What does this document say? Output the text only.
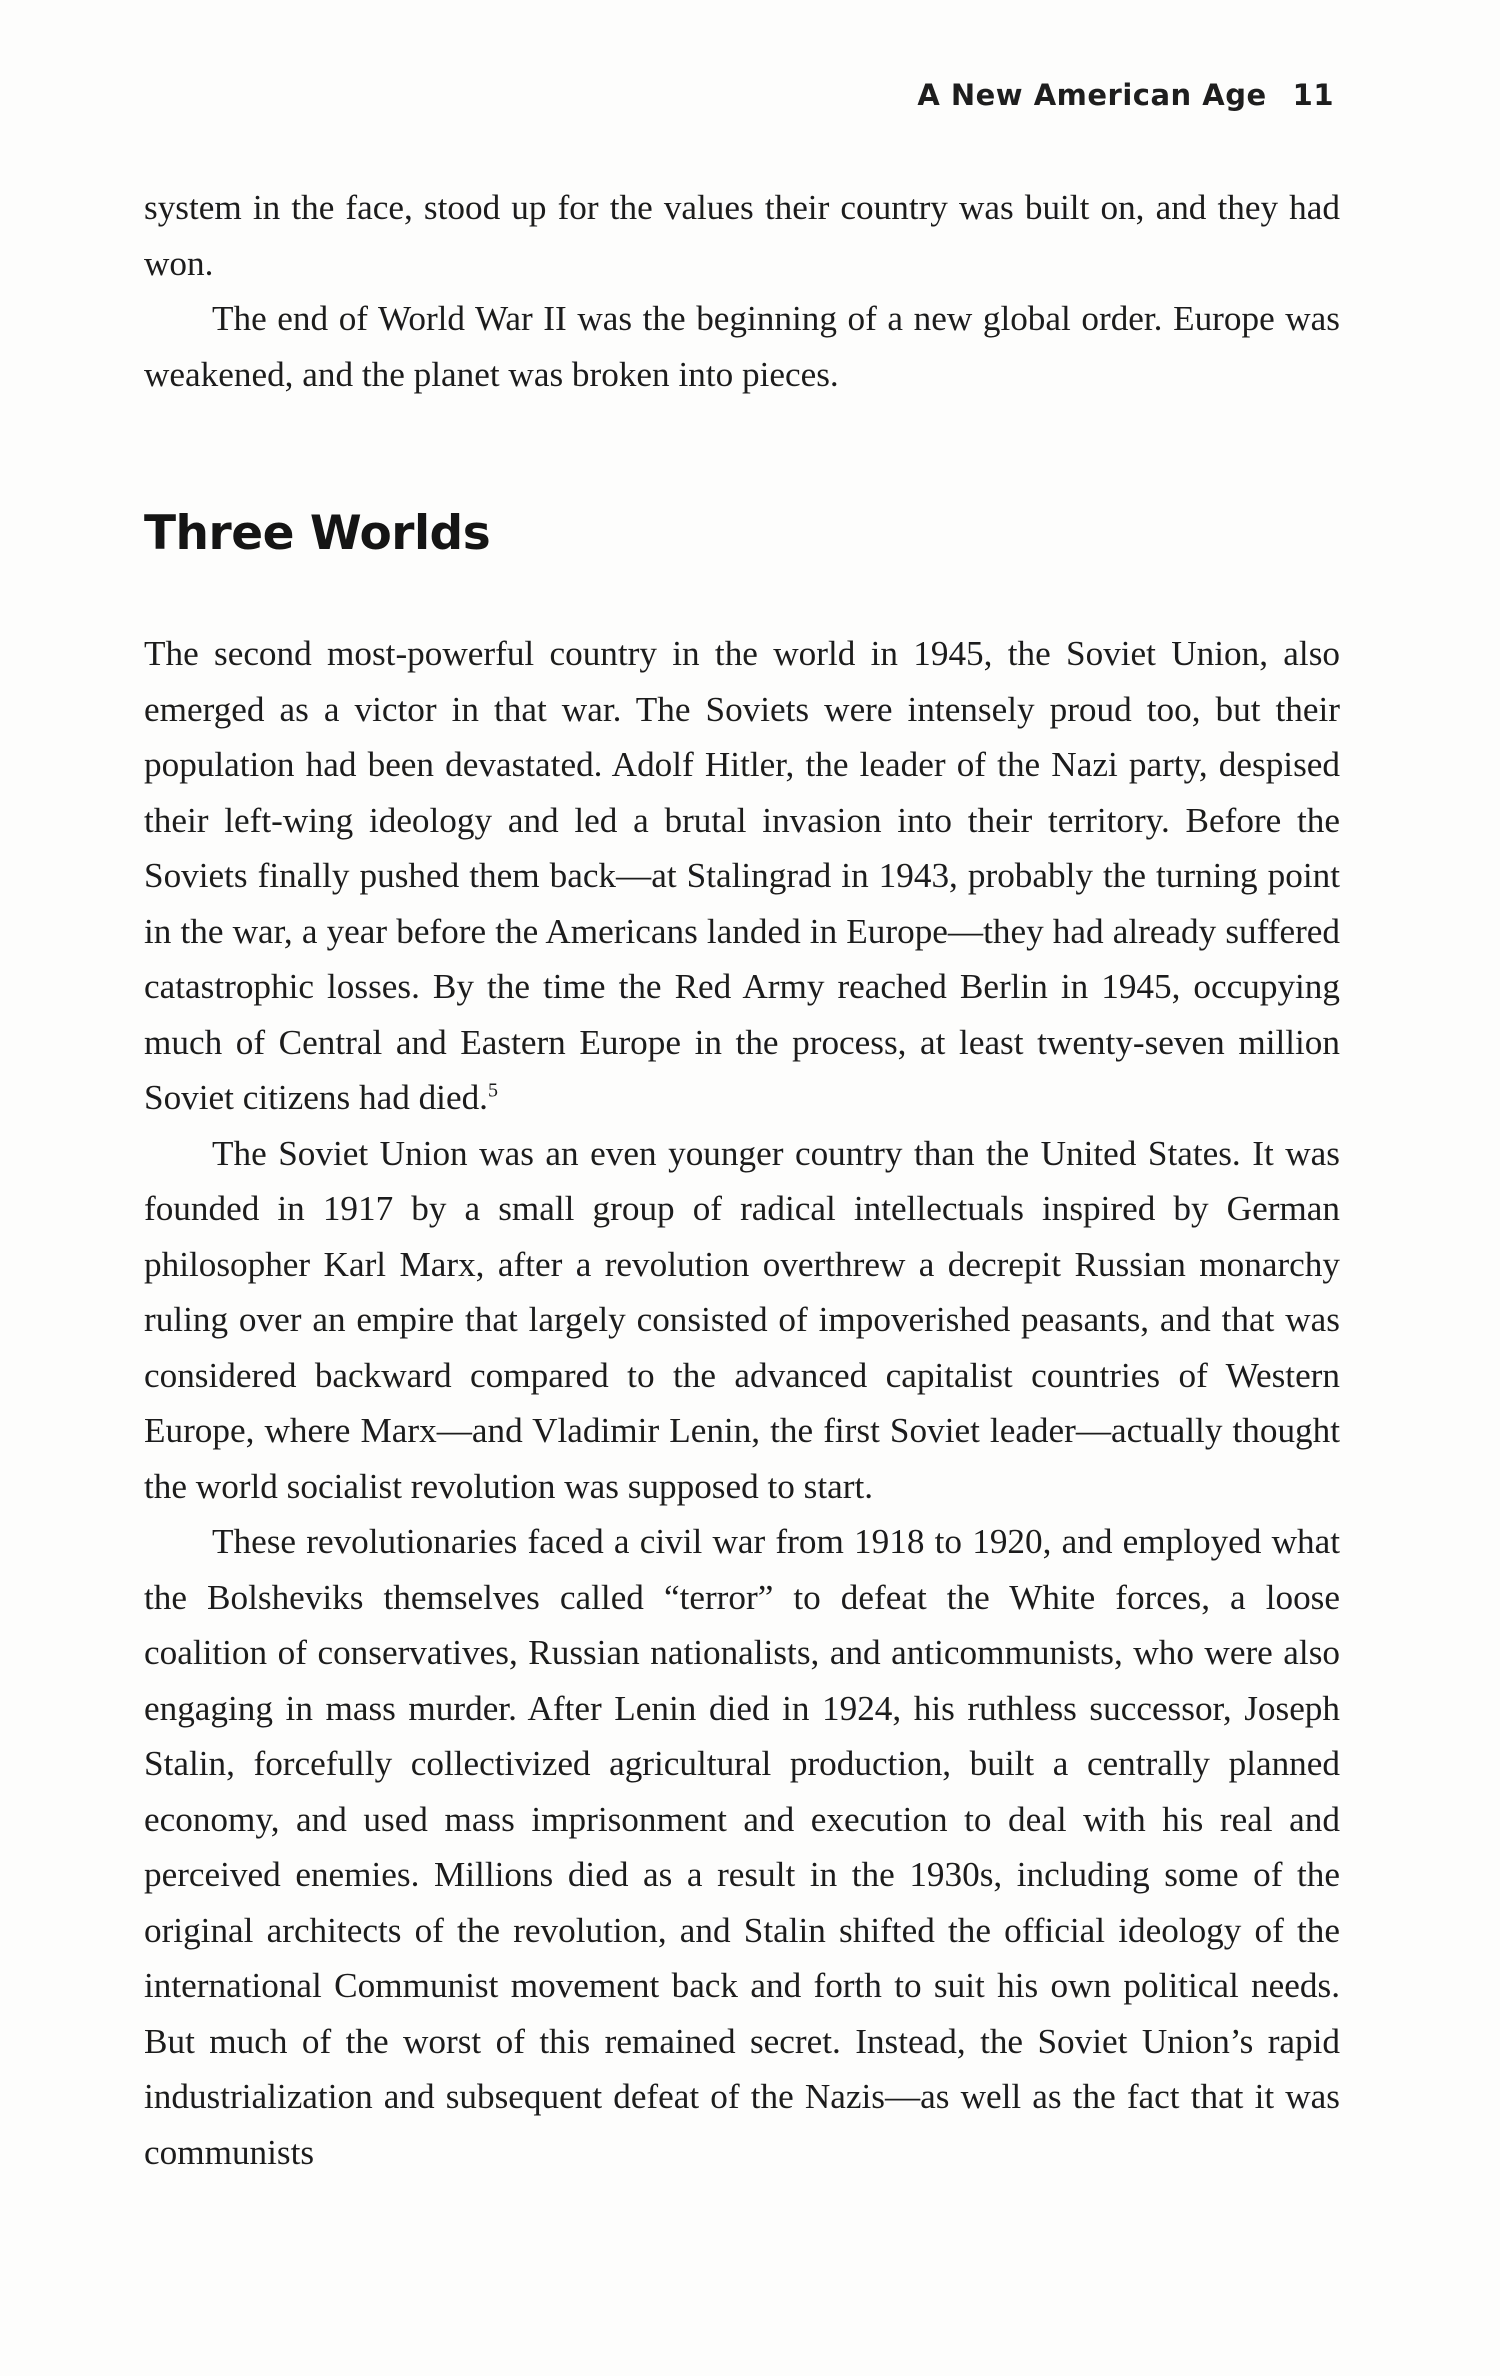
A New American Age 11

system in the face, stood up for the values their country was built on, and they had won.

The end of World War II was the beginning of a new global order. Europe was weakened, and the planet was broken into pieces.

Three Worlds

The second most-powerful country in the world in 1945, the Soviet Union, also emerged as a victor in that war. The Soviets were intensely proud too, but their population had been devastated. Adolf Hitler, the leader of the Nazi party, despised their left-wing ideology and led a brutal invasion into their territory. Before the Soviets finally pushed them back—at Stalingrad in 1943, probably the turning point in the war, a year before the Americans landed in Europe—they had already suffered catastrophic losses. By the time the Red Army reached Berlin in 1945, occupying much of Central and Eastern Europe in the process, at least twenty-seven million Soviet citizens had died.$^5$

The Soviet Union was an even younger country than the United States. It was founded in 1917 by a small group of radical intellectuals inspired by German philosopher Karl Marx, after a revolution overthrew a decrepit Russian monarchy ruling over an empire that largely consisted of impoverished peasants, and that was considered backward compared to the advanced capitalist countries of Western Europe, where Marx—and Vladimir Lenin, the first Soviet leader—actually thought the world socialist revolution was supposed to start.

These revolutionaries faced a civil war from 1918 to 1920, and employed what the Bolsheviks themselves called “terror” to defeat the White forces, a loose coalition of conservatives, Russian nationalists, and anticommunists, who were also engaging in mass murder. After Lenin died in 1924, his ruthless successor, Joseph Stalin, forcefully collectivized agricultural production, built a centrally planned economy, and used mass imprisonment and execution to deal with his real and perceived enemies. Millions died as a result in the 1930s, including some of the original architects of the revolution, and Stalin shifted the official ideology of the international Communist movement back and forth to suit his own political needs. But much of the worst of this remained secret. Instead, the Soviet Union’s rapid industrialization and subsequent defeat of the Nazis—as well as the fact that it was communists
